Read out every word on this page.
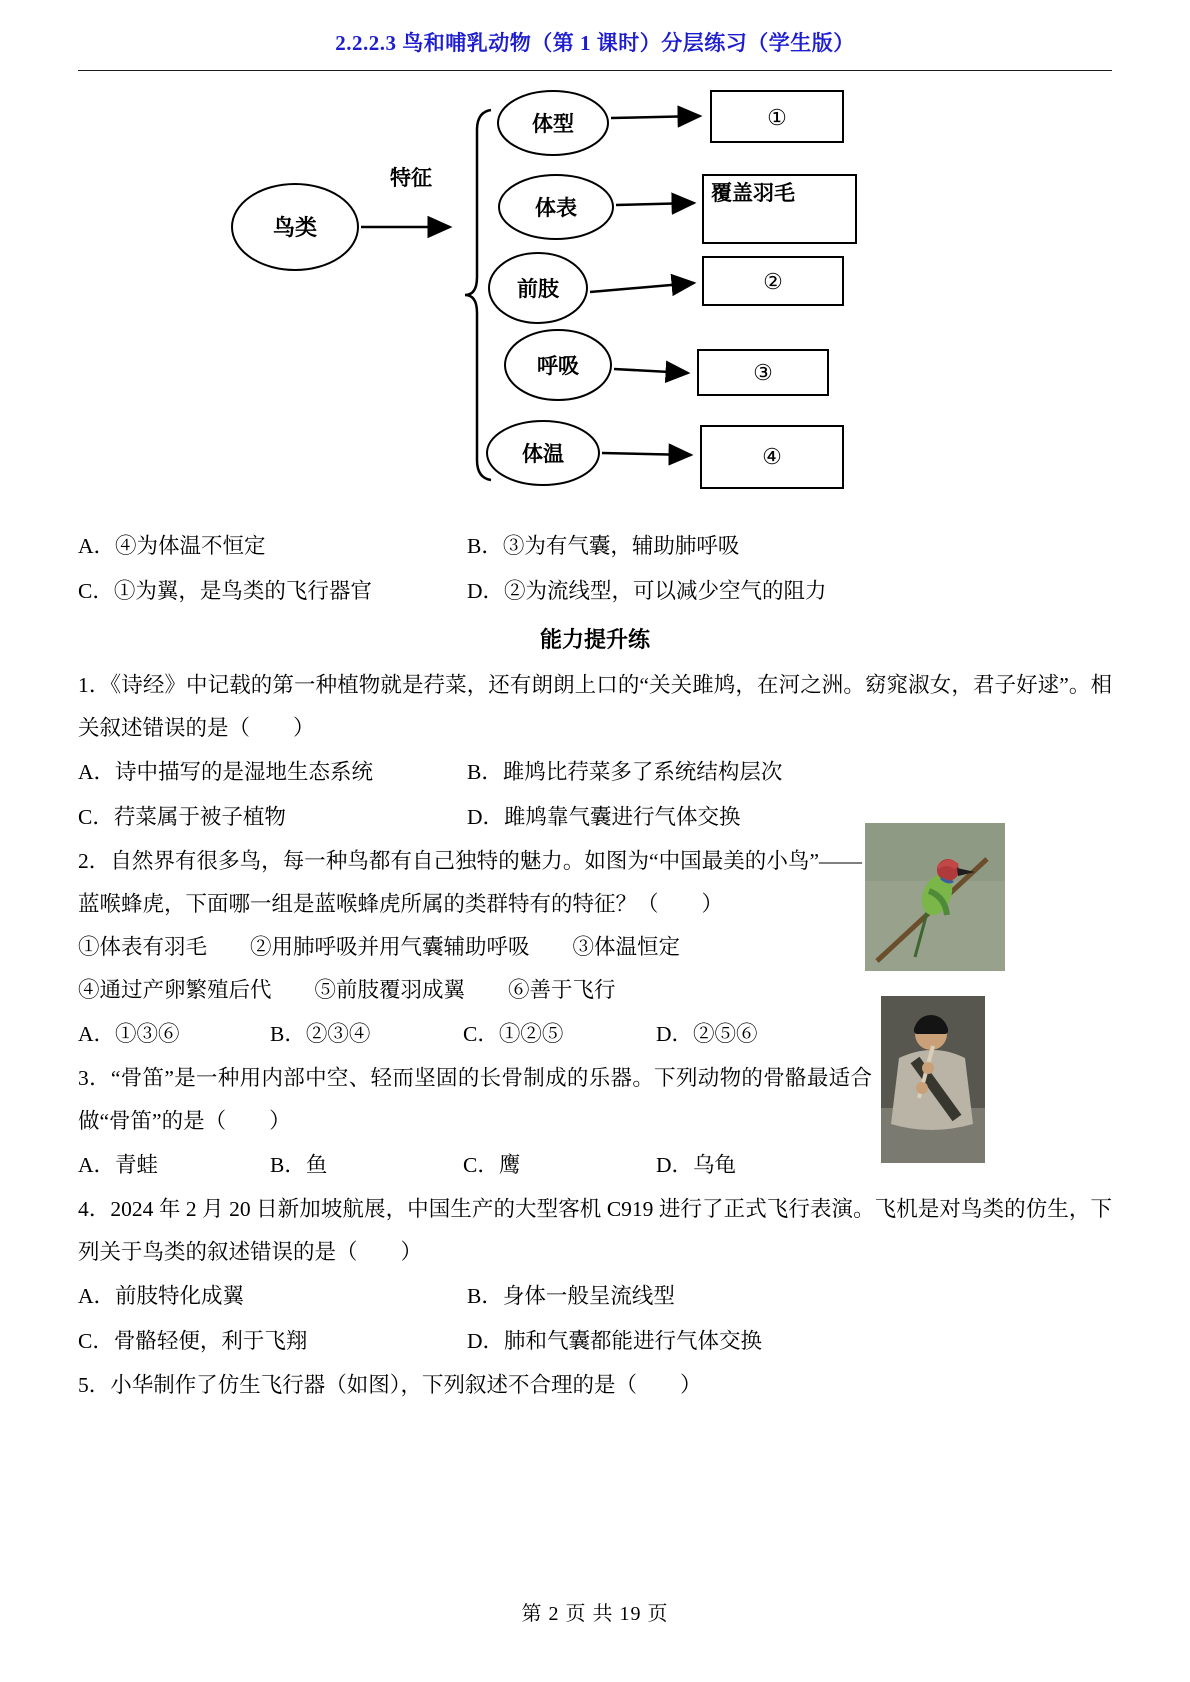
2.2.2.3 鸟和哺乳动物（第 1 课时）分层练习（学生版）
鸟类
特征
体型	①
体表
覆盖羽毛
前肢	②
呼吸	③
体温	④
A．④为体温不恒定	B．③为有气囊，辅助肺呼吸
C．①为翼，是鸟类的飞行器官	D．②为流线型，可以减少空气的阻力
能力提升练

1．《诗经》中记载的第一种植物就是荇菜，还有朗朗上口的“关关雎鸠，在河之洲。窈窕淑女，君子好逑”。相关叙述错误的是（　　）

A．诗中描写的是湿地生态系统	B．雎鸠比荇菜多了系统结构层次
C．荇菜属于被子植物	D．雎鸠靠气囊进行气体交换

2．自然界有很多鸟，每一种鸟都有自己独特的魅力。如图为“中国最美的小鸟”——蓝喉蜂虎，下面哪一组是蓝喉蜂虎所属的类群特有的特征？（　　）

①体表有羽毛　　②用肺呼吸并用气囊辅助呼吸　　③体温恒定

④通过产卵繁殖后代　　⑤前肢覆羽成翼　　⑥善于飞行

A．①③⑥	B．②③④	C．①②⑤	D．②⑤⑥

3．“骨笛”是一种用内部中空、轻而坚固的长骨制成的乐器。下列动物的骨骼最适合做“骨笛”的是（　　）

A．青蛙	B．鱼	C．鹰	D．乌龟

4．2024 年 2 月 20 日新加坡航展，中国生产的大型客机 C919 进行了正式飞行表演。飞机是对鸟类的仿生，下列关于鸟类的叙述错误的是（　　）

A．前肢特化成翼	B．身体一般呈流线型
C．骨骼轻便，利于飞翔	D．肺和气囊都能进行气体交换

5．小华制作了仿生飞行器（如图），下列叙述不合理的是（　　）

第 2 页 共 19 页
